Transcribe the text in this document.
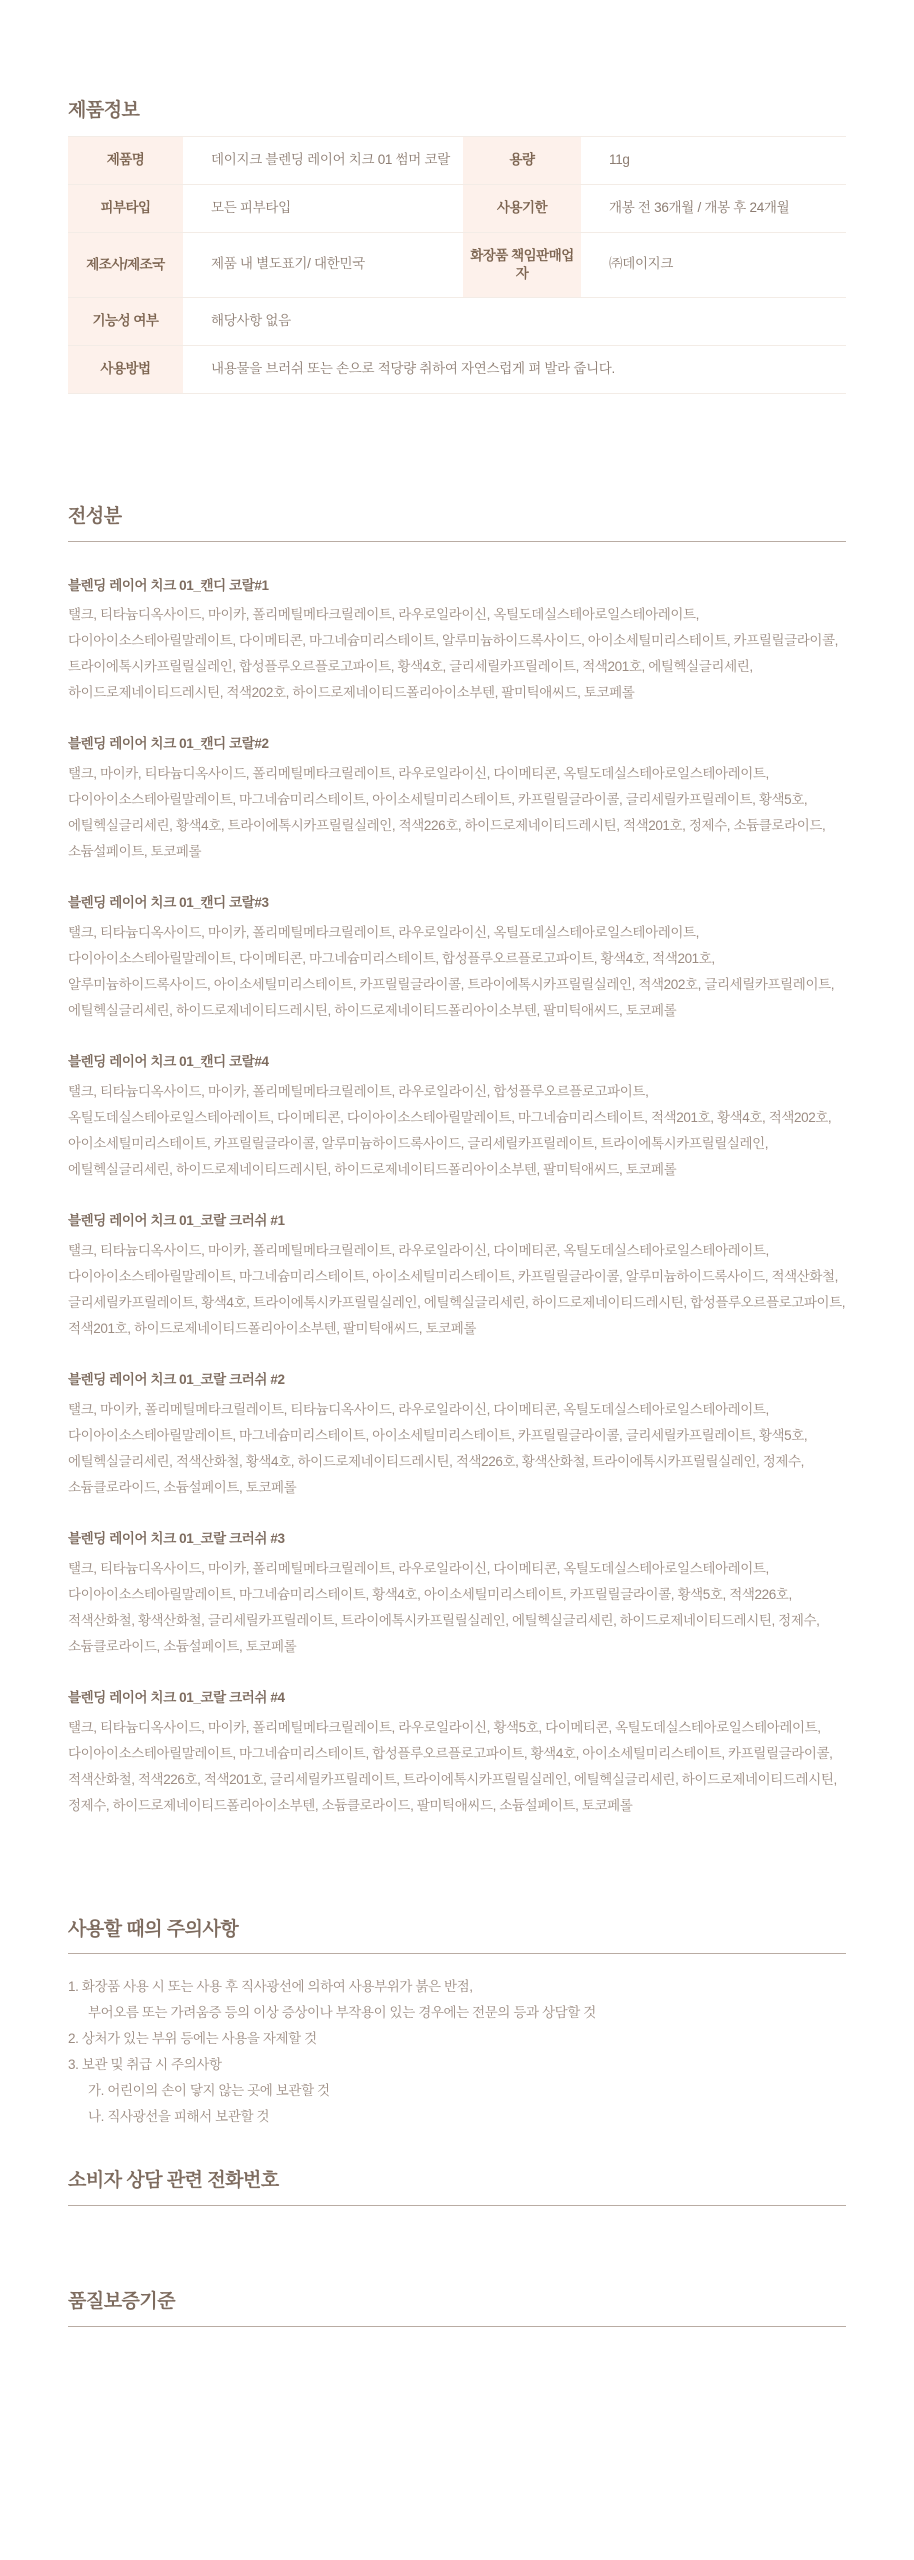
제품정보
제품명	데이지크 블렌딩 레이어 치크 01 썸머 코랄	용량	11g
피부타입	모든 피부타입	사용기한	개봉 전 36개월 / 개봉 후 24개월
제조사/제조국	제품 내 별도표기/ 대한민국	화장품 책임판매업자	㈜데이지크
기능성 여부	해당사항 없음		
사용방법	내용물을 브러쉬 또는 손으로 적당량 취하여 자연스럽게 펴 발라 줍니다.		
전성분

블렌딩 레이어 치크 01_캔디 코랄#1

탤크, 티타늄디옥사이드, 마이카, 폴리메틸메타크릴레이트, 라우로일라이신, 옥틸도데실스테아로일스테아레이트, 다이아이소스테아릴말레이트, 다이메티콘, 마그네슘미리스테이트, 알루미늄하이드록사이드, 아이소세틸미리스테이트, 카프릴릴글라이콜, 트라이에톡시카프릴릴실레인, 합성플루오르플로고파이트, 황색4호, 글리세릴카프릴레이트, 적색201호, 에틸헥실글리세린, 하이드로제네이티드레시틴, 적색202호, 하이드로제네이티드폴리아이소부텐, 팔미틱애씨드, 토코페롤

블렌딩 레이어 치크 01_캔디 코랄#2

탤크, 마이카, 티타늄디옥사이드, 폴리메틸메타크릴레이트, 라우로일라이신, 다이메티콘, 옥틸도데실스테아로일스테아레이트, 다이아이소스테아릴말레이트, 마그네슘미리스테이트, 아이소세틸미리스테이트, 카프릴릴글라이콜, 글리세릴카프릴레이트, 황색5호, 에틸헥실글리세린, 황색4호, 트라이에톡시카프릴릴실레인, 적색226호, 하이드로제네이티드레시틴, 적색201호, 정제수, 소듐클로라이드, 소듐설페이트, 토코페롤

블렌딩 레이어 치크 01_캔디 코랄#3

탤크, 티타늄디옥사이드, 마이카, 폴리메틸메타크릴레이트, 라우로일라이신, 옥틸도데실스테아로일스테아레이트, 다이아이소스테아릴말레이트, 다이메티콘, 마그네슘미리스테이트, 합성플루오르플로고파이트, 황색4호, 적색201호, 알루미늄하이드록사이드, 아이소세틸미리스테이트, 카프릴릴글라이콜, 트라이에톡시카프릴릴실레인, 적색202호, 글리세릴카프릴레이트, 에틸헥실글리세린, 하이드로제네이티드레시틴, 하이드로제네이티드폴리아이소부텐, 팔미틱애씨드, 토코페롤

블렌딩 레이어 치크 01_캔디 코랄#4

탤크, 티타늄디옥사이드, 마이카, 폴리메틸메타크릴레이트, 라우로일라이신, 합성플루오르플로고파이트, 옥틸도데실스테아로일스테아레이트, 다이메티콘, 다이아이소스테아릴말레이트, 마그네슘미리스테이트, 적색201호, 황색4호, 적색202호, 아이소세틸미리스테이트, 카프릴릴글라이콜, 알루미늄하이드록사이드, 글리세릴카프릴레이트, 트라이에톡시카프릴릴실레인, 에틸헥실글리세린, 하이드로제네이티드레시틴, 하이드로제네이티드폴리아이소부텐, 팔미틱애씨드, 토코페롤

블렌딩 레이어 치크 01_코랄 크러쉬 #1

탤크, 티타늄디옥사이드, 마이카, 폴리메틸메타크릴레이트, 라우로일라이신, 다이메티콘, 옥틸도데실스테아로일스테아레이트, 다이아이소스테아릴말레이트, 마그네슘미리스테이트, 아이소세틸미리스테이트, 카프릴릴글라이콜, 알루미늄하이드록사이드, 적색산화철, 글리세릴카프릴레이트, 황색4호, 트라이에톡시카프릴릴실레인, 에틸헥실글리세린, 하이드로제네이티드레시틴, 합성플루오르플로고파이트, 적색201호, 하이드로제네이티드폴리아이소부텐, 팔미틱애씨드, 토코페롤

블렌딩 레이어 치크 01_코랄 크러쉬 #2

탤크, 마이카, 폴리메틸메타크릴레이트, 티타늄디옥사이드, 라우로일라이신, 다이메티콘, 옥틸도데실스테아로일스테아레이트, 다이아이소스테아릴말레이트, 마그네슘미리스테이트, 아이소세틸미리스테이트, 카프릴릴글라이콜, 글리세릴카프릴레이트, 황색5호, 에틸헥실글리세린, 적색산화철, 황색4호, 하이드로제네이티드레시틴, 적색226호, 황색산화철, 트라이에톡시카프릴릴실레인, 정제수, 소듐클로라이드, 소듐설페이트, 토코페롤

블렌딩 레이어 치크 01_코랄 크러쉬 #3

탤크, 티타늄디옥사이드, 마이카, 폴리메틸메타크릴레이트, 라우로일라이신, 다이메티콘, 옥틸도데실스테아로일스테아레이트, 다이아이소스테아릴말레이트, 마그네슘미리스테이트, 황색4호, 아이소세틸미리스테이트, 카프릴릴글라이콜, 황색5호, 적색226호, 적색산화철, 황색산화철, 글리세릴카프릴레이트, 트라이에톡시카프릴릴실레인, 에틸헥실글리세린, 하이드로제네이티드레시틴, 정제수, 소듐클로라이드, 소듐설페이트, 토코페롤

블렌딩 레이어 치크 01_코랄 크러쉬 #4

탤크, 티타늄디옥사이드, 마이카, 폴리메틸메타크릴레이트, 라우로일라이신, 황색5호, 다이메티콘, 옥틸도데실스테아로일스테아레이트, 다이아이소스테아릴말레이트, 마그네슘미리스테이트, 합성플루오르플로고파이트, 황색4호, 아이소세틸미리스테이트, 카프릴릴글라이콜, 적색산화철, 적색226호, 적색201호, 글리세릴카프릴레이트, 트라이에톡시카프릴릴실레인, 에틸헥실글리세린, 하이드로제네이티드레시틴, 정제수, 하이드로제네이티드폴리아이소부텐, 소듐클로라이드, 팔미틱애씨드, 소듐설페이트, 토코페롤

사용할 때의 주의사항
1. 화장품 사용 시 또는 사용 후 직사광선에 의하여 사용부위가 붉은 반점,
부어오름 또는 가려움증 등의 이상 증상이나 부작용이 있는 경우에는 전문의 등과 상담할 것
2. 상처가 있는 부위 등에는 사용을 자제할 것
3. 보관 및 취급 시 주의사항
가. 어린이의 손이 닿지 않는 곳에 보관할 것
나. 직사광선을 피해서 보관할 것
소비자 상담 관련 전화번호
품질보증기준
